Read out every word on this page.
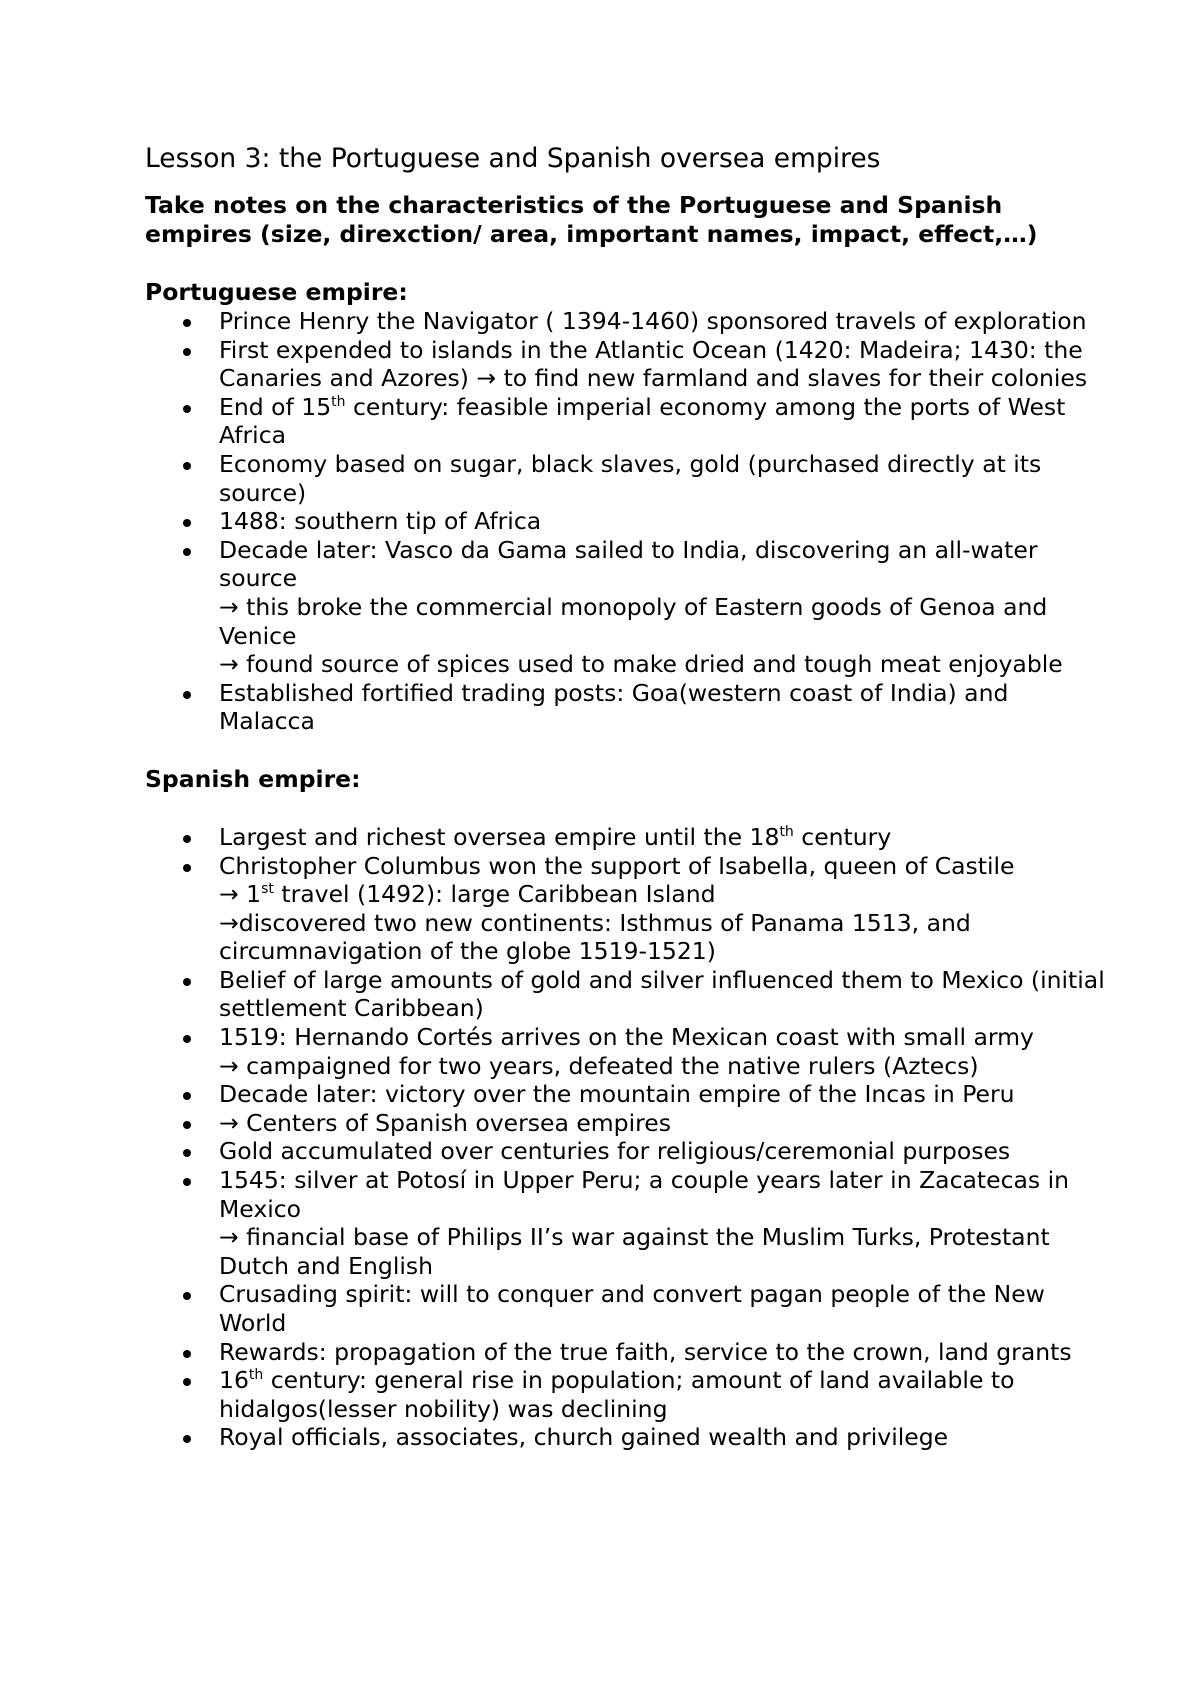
Lesson 3: the Portuguese and Spanish oversea empires

Take notes on the characteristics of the Portuguese and Spanish empires (size, direxction/ area, important names, impact, effect,…)

Portuguese empire:

Prince Henry the Navigator ( 1394-1460) sponsored travels of exploration
First expended to islands in the Atlantic Ocean (1420: Madeira; 1430: the Canaries and Azores) → to find new farmland and slaves for their colonies
End of 15th century: feasible imperial economy among the ports of West Africa
Economy based on sugar, black slaves, gold (purchased directly at its source)
1488: southern tip of Africa
Decade later: Vasco da Gama sailed to India, discovering an all-water source
→ this broke the commercial monopoly of Eastern goods of Genoa and Venice
→ found source of spices used to make dried and tough meat enjoyable
Established fortified trading posts: Goa(western coast of India) and Malacca

Spanish empire:

Largest and richest oversea empire until the 18th century
Christopher Columbus won the support of Isabella, queen of Castile
→ 1st travel (1492): large Caribbean Island
→discovered two new continents: Isthmus of Panama 1513, and circumnavigation of the globe 1519-1521)
Belief of large amounts of gold and silver influenced them to Mexico (initial settlement Caribbean)
1519: Hernando Cortés arrives on the Mexican coast with small army
→ campaigned for two years, defeated the native rulers (Aztecs)
Decade later: victory over the mountain empire of the Incas in Peru
→ Centers of Spanish oversea empires
Gold accumulated over centuries for religious/ceremonial purposes
1545: silver at Potosí in Upper Peru; a couple years later in Zacatecas in Mexico
→ financial base of Philips II’s war against the Muslim Turks, Protestant Dutch and English
Crusading spirit: will to conquer and convert pagan people of the New World
Rewards: propagation of the true faith, service to the crown, land grants
16th century: general rise in population; amount of land available to hidalgos(lesser nobility) was declining
Royal officials, associates, church gained wealth and privilege
